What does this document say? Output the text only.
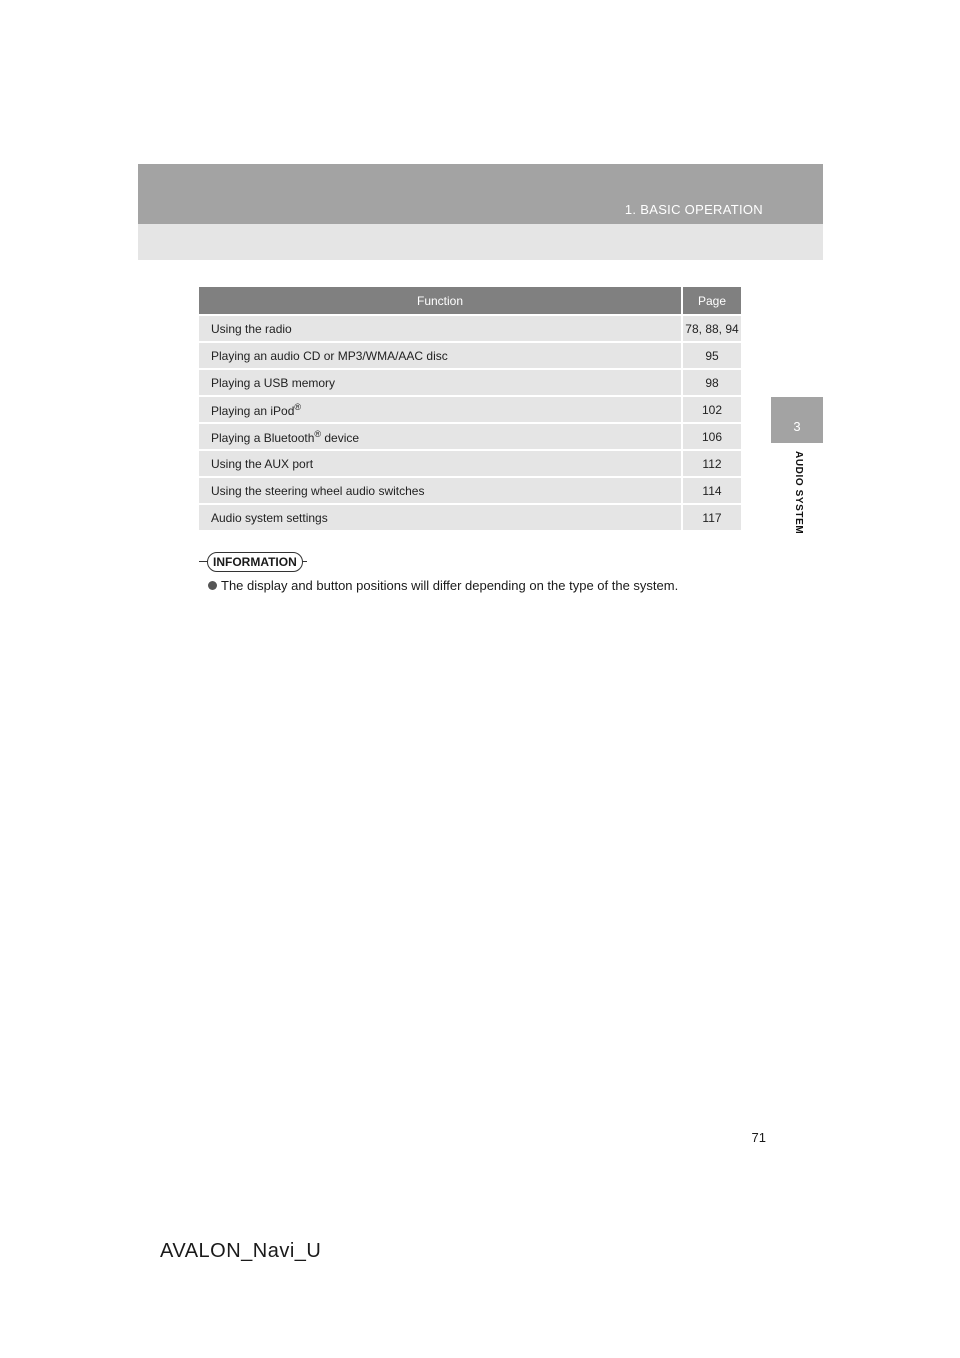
1. BASIC OPERATION
3
AUDIO SYSTEM
Function	Page
Using the radio	78, 88, 94
Playing an audio CD or MP3/WMA/AAC disc	95
Playing a USB memory	98
Playing an iPod®	102
Playing a Bluetooth® device	106
Using the AUX port	112
Using the steering wheel audio switches	114
Audio system settings	117
INFORMATION
The display and button positions will differ depending on the type of the system.
71
AVALON_Navi_U
